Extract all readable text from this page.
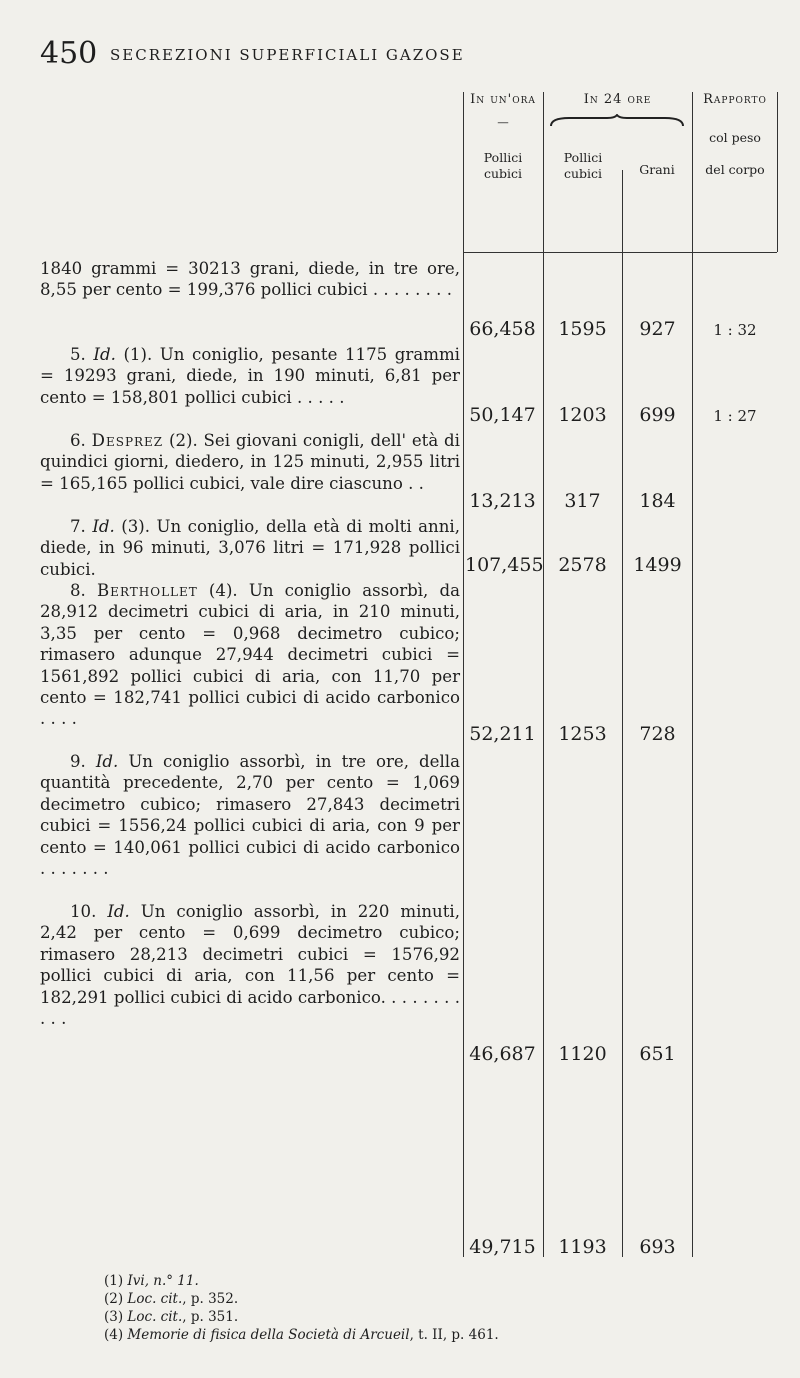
450 SECREZIONI SUPERFICIALI GAZOSE
In un'ora
—
Pollici cubici
In 24 ore
Pollici cubici	Grani
Rapporto
col peso del corpo

1840 grammi = 30213 grani, diede, in tre ore, 8,55 per cento = 199,376 pollici cubici . . . . . . . .

5. Id. (1). Un coniglio, pesante 1175 grammi = 19293 grani, diede, in 190 minuti, 6,81 per cento = 158,801 pollici cubici . . . . .

6. Desprez (2). Sei giovani conigli, dell' età di quindici giorni, diedero, in 125 minuti, 2,955 litri = 165,165 pollici cubici, vale dire ciascuno . .

7. Id. (3). Un coniglio, della età di molti anni, diede, in 96 minuti, 3,076 litri = 171,928 pollici cubici.

8. Berthollet (4). Un coniglio assorbì, da 28,912 decimetri cubici di aria, in 210 minuti, 3,35 per cento = 0,968 decimetro cubico; rimasero adunque 27,944 decimetri cubici = 1561,892 pollici cubici di aria, con 11,70 per cento = 182,741 pollici cubici di acido carbonico . . . .

9. Id. Un coniglio assorbì, in tre ore, della quantità precedente, 2,70 per cento = 1,069 decimetro cubico; rimasero 27,843 decimetri cubici = 1556,24 pollici cubici di aria, con 9 per cento = 140,061 pollici cubici di acido carbonico . . . . . . .

10. Id. Un coniglio assorbì, in 220 minuti, 2,42 per cento = 0,699 decimetro cubico; rimasero 28,213 decimetri cubici = 1576,92 pollici cubici di aria, con 11,56 per cento = 182,291 pollici cubici di acido carbonico. . . . . . . . . . .

66,458	1595	927	1 : 32
50,147	1203	699	1 : 27
13,213	317	184
107,455 2578	1499
52,211	1253	728
46,687	1120	651
49,715	1193	693
(1) Ivi, n.° 11.
(2) Loc. cit., p. 352.
(3) Loc. cit., p. 351.
(4) Memorie di fisica della Società di Arcueil, t. II, p. 461.
